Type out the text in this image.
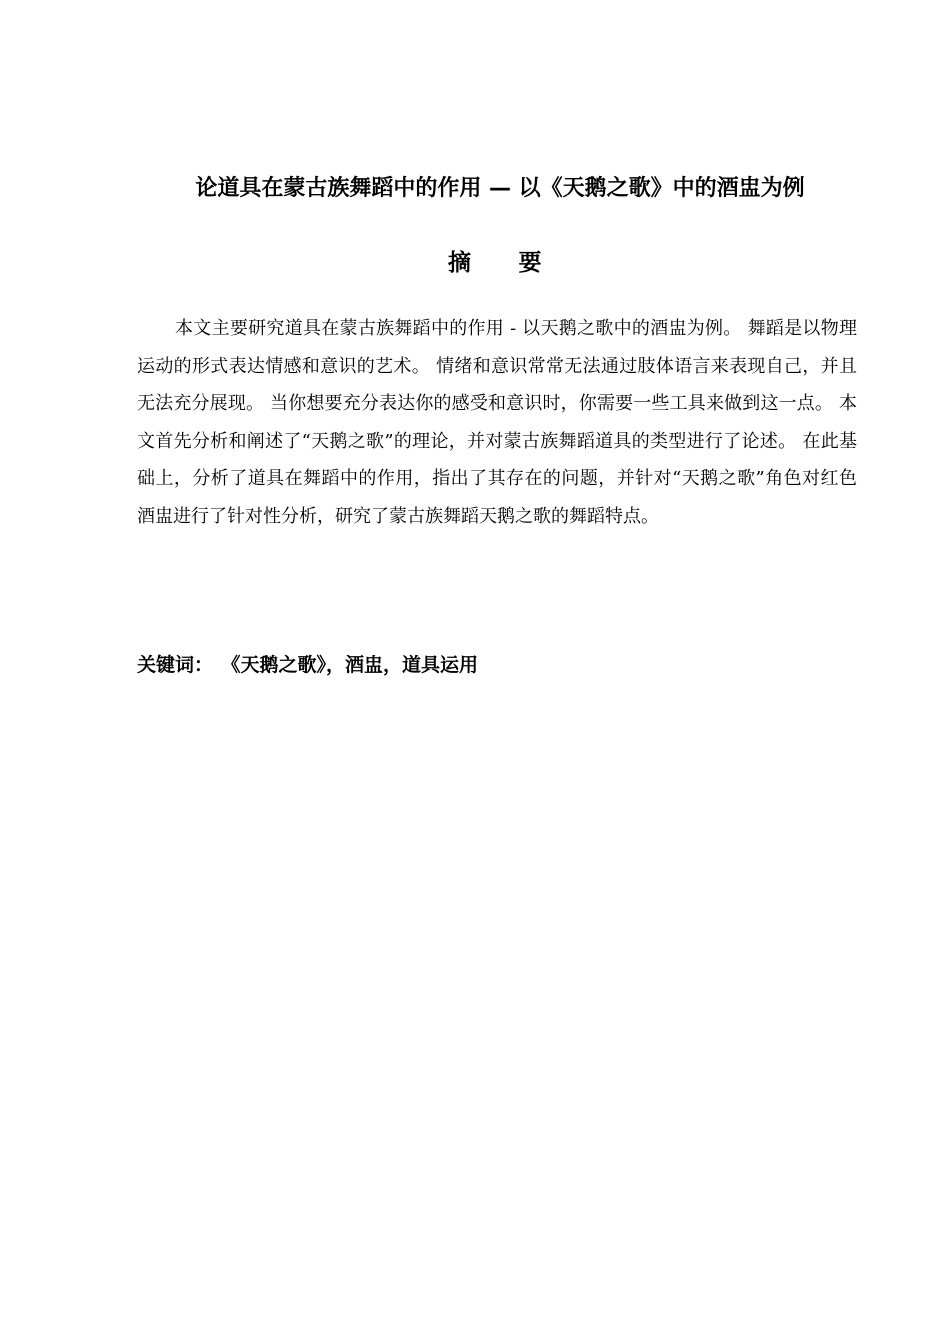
论道具在蒙古族舞蹈中的作用 — 以《天鹅之歌》中的酒盅为例
摘　　要

本文主要研究道具在蒙古族舞蹈中的作用 - 以天鹅之歌中的酒盅为例。 舞蹈是以物理运动的形式表达情感和意识的艺术。 情绪和意识常常无法通过肢体语言来表现自己，并且无法充分展现。 当你想要充分表达你的感受和意识时，你需要一些工具来做到这一点。 本文首先分析和阐述了“天鹅之歌”的理论，并对蒙古族舞蹈道具的类型进行了论述。 在此基础上，分析了道具在舞蹈中的作用，指出了其存在的问题，并针对“天鹅之歌”角色对红色酒盅进行了针对性分析，研究了蒙古族舞蹈天鹅之歌的舞蹈特点。

关键词： 《天鹅之歌》，酒盅，道具运用
